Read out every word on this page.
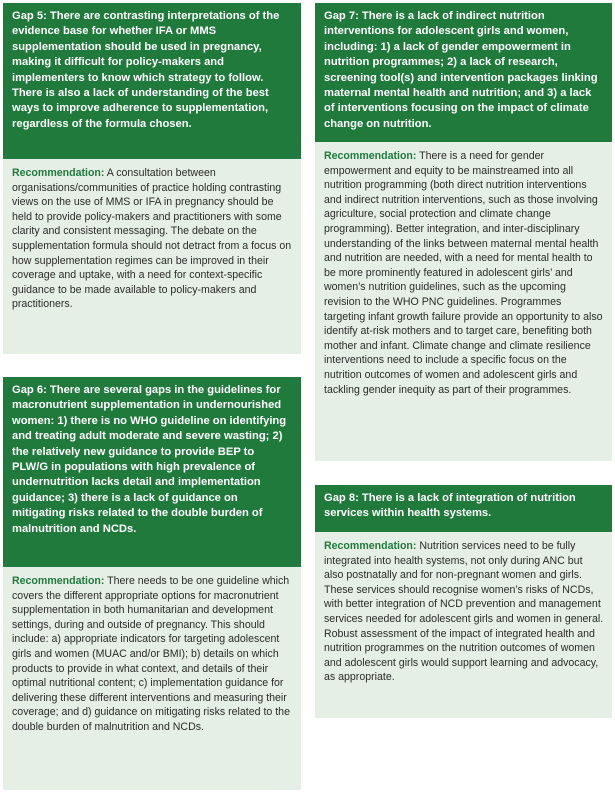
Gap 5: There are contrasting interpretations of the evidence base for whether IFA or MMS supplementation should be used in pregnancy, making it difficult for policy-makers and implementers to know which strategy to follow. There is also a lack of understanding of the best ways to improve adherence to supplementation, regardless of the formula chosen.
Recommendation: A consultation between organisations/communities of practice holding contrasting views on the use of MMS or IFA in pregnancy should be held to provide policy-makers and practitioners with some clarity and consistent messaging. The debate on the supplementation formula should not detract from a focus on how supplementation regimes can be improved in their coverage and uptake, with a need for context-specific guidance to be made available to policy-makers and practitioners.
Gap 6: There are several gaps in the guidelines for macronutrient supplementation in undernourished women: 1) there is no WHO guideline on identifying and treating adult moderate and severe wasting; 2) the relatively new guidance to provide BEP to PLW/G in populations with high prevalence of undernutrition lacks detail and implementation guidance; 3) there is a lack of guidance on mitigating risks related to the double burden of malnutrition and NCDs.
Recommendation: There needs to be one guideline which covers the different appropriate options for macronutrient supplementation in both humanitarian and development settings, during and outside of pregnancy. This should include: a) appropriate indicators for targeting adolescent girls and women (MUAC and/or BMI); b) details on which products to provide in what context, and details of their optimal nutritional content; c) implementation guidance for delivering these different interventions and measuring their coverage; and d) guidance on mitigating risks related to the double burden of malnutrition and NCDs.
Gap 7: There is a lack of indirect nutrition interventions for adolescent girls and women, including: 1) a lack of gender empowerment in nutrition programmes; 2) a lack of research, screening tool(s) and intervention packages linking maternal mental health and nutrition; and 3) a lack of interventions focusing on the impact of climate change on nutrition.
Recommendation: There is a need for gender empowerment and equity to be mainstreamed into all nutrition programming (both direct nutrition interventions and indirect nutrition interventions, such as those involving agriculture, social protection and climate change programming). Better integration, and inter-disciplinary understanding of the links between maternal mental health and nutrition are needed, with a need for mental health to be more prominently featured in adolescent girls’ and women’s nutrition guidelines, such as the upcoming revision to the WHO PNC guidelines. Programmes targeting infant growth failure provide an opportunity to also identify at-risk mothers and to target care, benefiting both mother and infant. Climate change and climate resilience interventions need to include a specific focus on the nutrition outcomes of women and adolescent girls and tackling gender inequity as part of their programmes.
Gap 8: There is a lack of integration of nutrition services within health systems.
Recommendation: Nutrition services need to be fully integrated into health systems, not only during ANC but also postnatally and for non-pregnant women and girls. These services should recognise women’s risks of NCDs, with better integration of NCD prevention and management services needed for adolescent girls and women in general. Robust assessment of the impact of integrated health and nutrition programmes on the nutrition outcomes of women and adolescent girls would support learning and advocacy, as appropriate.
